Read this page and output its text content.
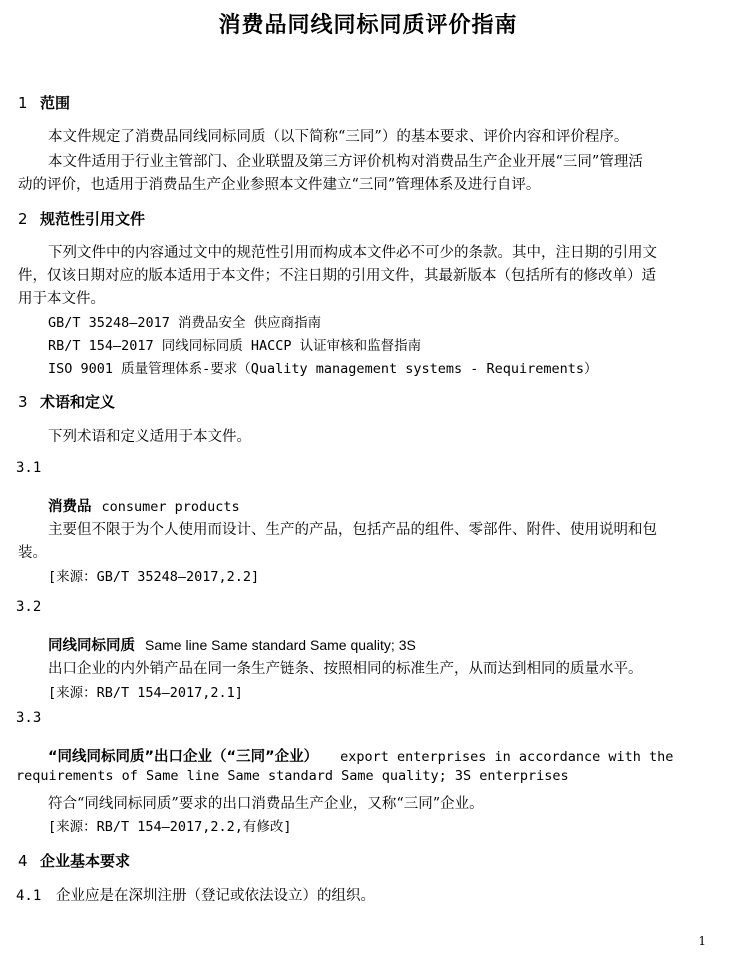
消费品同线同标同质评价指南
1 范围
本文件规定了消费品同线同标同质（以下简称“三同”）的基本要求、评价内容和评价程序。
本文件适用于行业主管部门、企业联盟及第三方评价机构对消费品生产企业开展“三同”管理活
动的评价，也适用于消费品生产企业参照本文件建立“三同”管理体系及进行自评。
2 规范性引用文件
下列文件中的内容通过文中的规范性引用而构成本文件必不可少的条款。其中，注日期的引用文
件，仅该日期对应的版本适用于本文件；不注日期的引用文件，其最新版本（包括所有的修改单）适
用于本文件。
GB/T 35248—2017 消费品安全 供应商指南
RB/T 154—2017 同线同标同质 HACCP 认证审核和监督指南
ISO 9001 质量管理体系-要求（Quality management systems - Requirements）
3 术语和定义
下列术语和定义适用于本文件。
3.1
消费品 consumer products
主要但不限于为个人使用而设计、生产的产品，包括产品的组件、零部件、附件、使用说明和包
装。
[来源：GB/T 35248—2017,2.2]
3.2
同线同标同质 Same line Same standard Same quality; 3S
出口企业的内外销产品在同一条生产链条、按照相同的标准生产，从而达到相同的质量水平。
[来源：RB/T 154—2017,2.1]
3.3
“同线同标同质”出口企业（“三同”企业） export enterprises in accordance with the
requirements of Same line Same standard Same quality; 3S enterprises
符合“同线同标同质”要求的出口消费品生产企业，又称“三同”企业。
[来源：RB/T 154—2017,2.2,有修改]
4 企业基本要求
4.1 企业应是在深圳注册（登记或依法设立）的组织。
1
